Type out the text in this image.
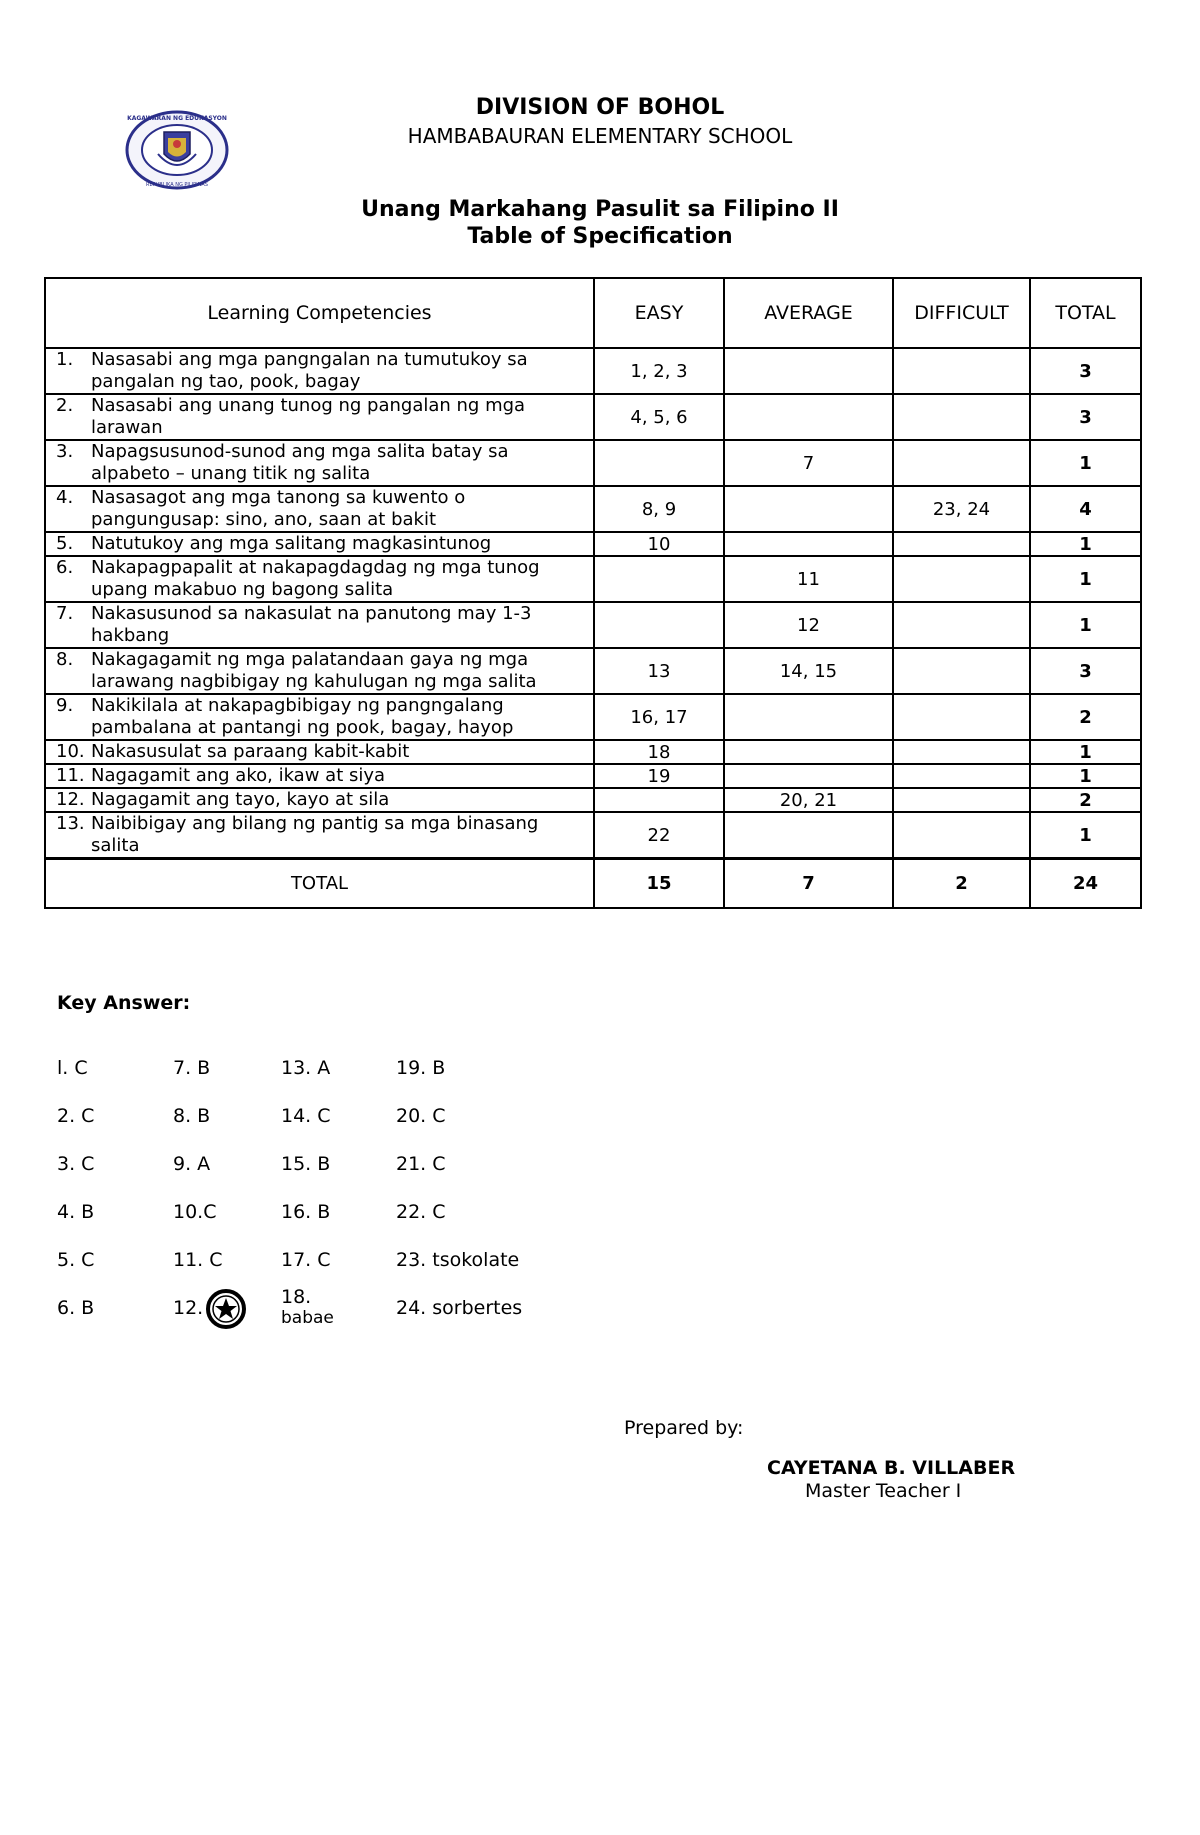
KAGAWARAN NG EDUKASYON
REPUBLIKA NG PILIPINAS
DIVISION OF BOHOL
HAMBABAURAN ELEMENTARY SCHOOL
Unang Markahang Pasulit sa Filipino II
Table of Specification
Learning Competencies	EASY	AVERAGE	DIFFICULT	TOTAL

1. Nasasabi ang mga pangngalan na tumutukoy sa pangalan ng tao, pook, bagay	1, 2, 3			3

2. Nasasabi ang unang tunog ng pangalan ng mga larawan	4, 5, 6			3

3. Napagsusunod-sunod ang mga salita batay sa alpabeto – unang titik ng salita		7		1

4. Nasasagot ang mga tanong sa kuwento o pangungusap: sino, ano, saan at bakit	8, 9		23, 24	4

5. Natutukoy ang mga salitang magkasintunog	10			1

6. Nakapagpapalit at nakapagdagdag ng mga tunog upang makabuo ng bagong salita		11		1

7. Nakasusunod sa nakasulat na panutong may 1-3 hakbang		12		1

8. Nakagagamit ng mga palatandaan gaya ng mga larawang nagbibigay ng kahulugan ng mga salita	13	14, 15		3

9. Nakikilala at nakapagbibigay ng pangngalang pambalana at pantangi ng pook, bagay, hayop	16, 17			2

10. Nakasusulat sa paraang kabit-kabit	18			1

11. Nagagamit ang ako, ikaw at siya	19			1

12. Nagagamit ang tayo, kayo at sila		20, 21		2

13. Naibibigay ang bilang ng pantig sa mga binasang salita	22			1
TOTAL	15	7	2	24
Key Answer:
l. C
2. C
3. C
4. B
5. C
6. B
7. B
8. B
9. A
10.C
11. C
12.
13. A
14. C
15. B
16. B
17. C
18.
babae
19. B
20. C
21. C
22. C
23. tsokolate
24. sorbertes
Prepared by:
CAYETANA B. VILLABER
Master Teacher I
